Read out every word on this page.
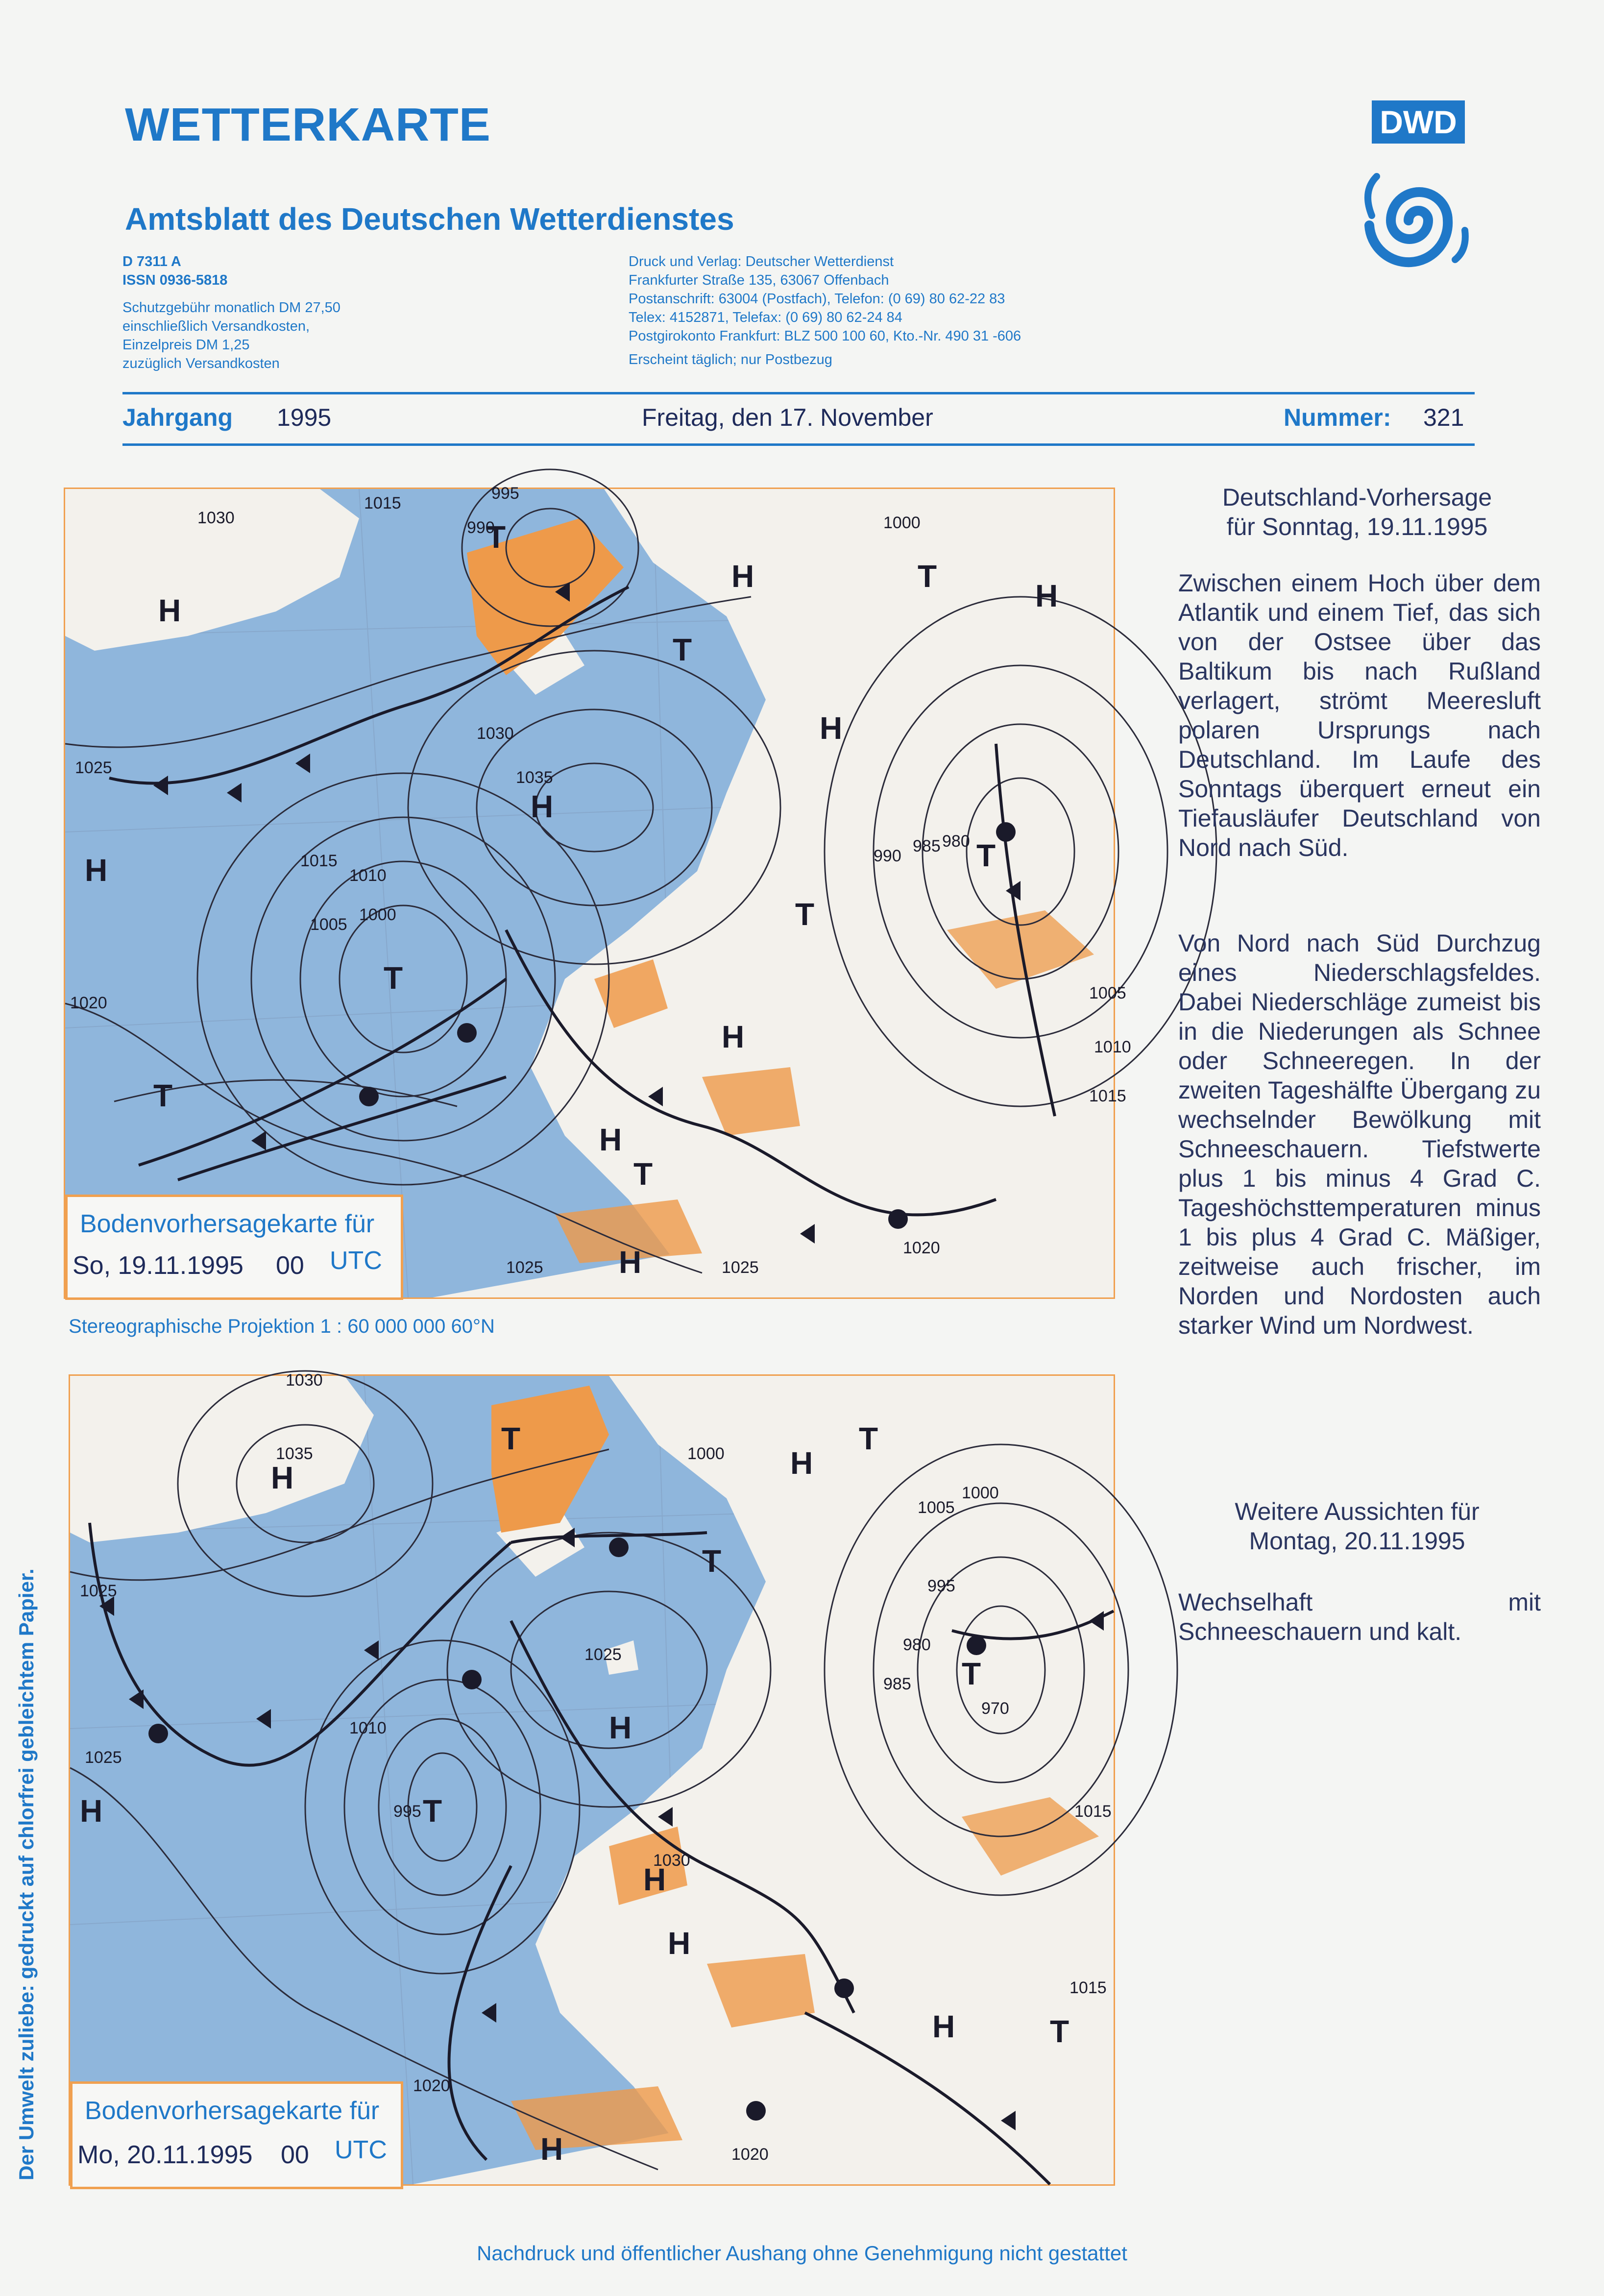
WETTERKARTE
Amtsblatt des Deutschen Wetterdienstes
D 7311 A
ISSN 0936-5818
Schutzgebühr monatlich DM 27,50
einschließlich Versandkosten,
Einzelpreis DM 1,25
zuzüglich Versandkosten
Druck und Verlag: Deutscher Wetterdienst
Frankfurter Straße 135, 63067 Offenbach
Postanschrift: 63004 (Postfach), Telefon: (0 69) 80 62-22 83
Telex: 4152871, Telefax: (0 69) 80 62-24 84
Postgirokonto Frankfurt: BLZ 500 100 60, Kto.-Nr. 490 31 -606
Erscheint täglich; nur Postbezug
DWD
Jahrgang 1995	Freitag, den 17. November	Nummer: 321
H
H
H
H
H
H
H
H
H
T
T
T
T
T
T
T
T
1030
990
995
1015
1000
1025
1030
1035
1015
1010
1005
1000
1020
1025	1025
1020
1005
1010
1015
980
985
990
Bodenvorhersagekarte für
So, 19.11.1995 00 UTC
Stereographische Projektion 1 : 60 000 000 60°N
H
H
H
H
H
H
H
H
T
T
T
T
T
T
1030
1035
1025
1025
1025
1010
995
1000
1005
1000
995
980
985
970
1030
1015
1020
1020
1015
Bodenvorhersagekarte für
Mo, 20.11.1995 00 UTC
Deutschland-Vorhersage
für Sonntag, 19.11.1995
Zwischen einem Hoch über dem Atlantik und einem Tief, das sich von der Ostsee über das Baltikum bis nach Rußland verlagert, strömt Meeresluft polaren Ursprungs nach Deutschland. Im Laufe des Sonntags überquert erneut ein Tiefausläufer Deutschland von Nord nach Süd.
Von Nord nach Süd Durchzug eines Niederschlagsfeldes. Dabei Niederschläge zumeist bis in die Niederungen als Schnee oder Schneeregen. In der zweiten Tageshälfte Übergang zu wechselnder Bewölkung mit Schneeschauern. Tiefstwerte plus 1 bis minus 4 Grad C. Tageshöchsttemperaturen minus 1 bis plus 4 Grad C. Mäßiger, zeitweise auch frischer, im Norden und Nordosten auch starker Wind um Nordwest.
Weitere Aussichten für
Montag, 20.11.1995
Wechselhaft mit Schneeschauern und kalt.
Der Umwelt zuliebe: gedruckt auf chlorfrei gebleichtem Papier.
Nachdruck und öffentlicher Aushang ohne Genehmigung nicht gestattet
